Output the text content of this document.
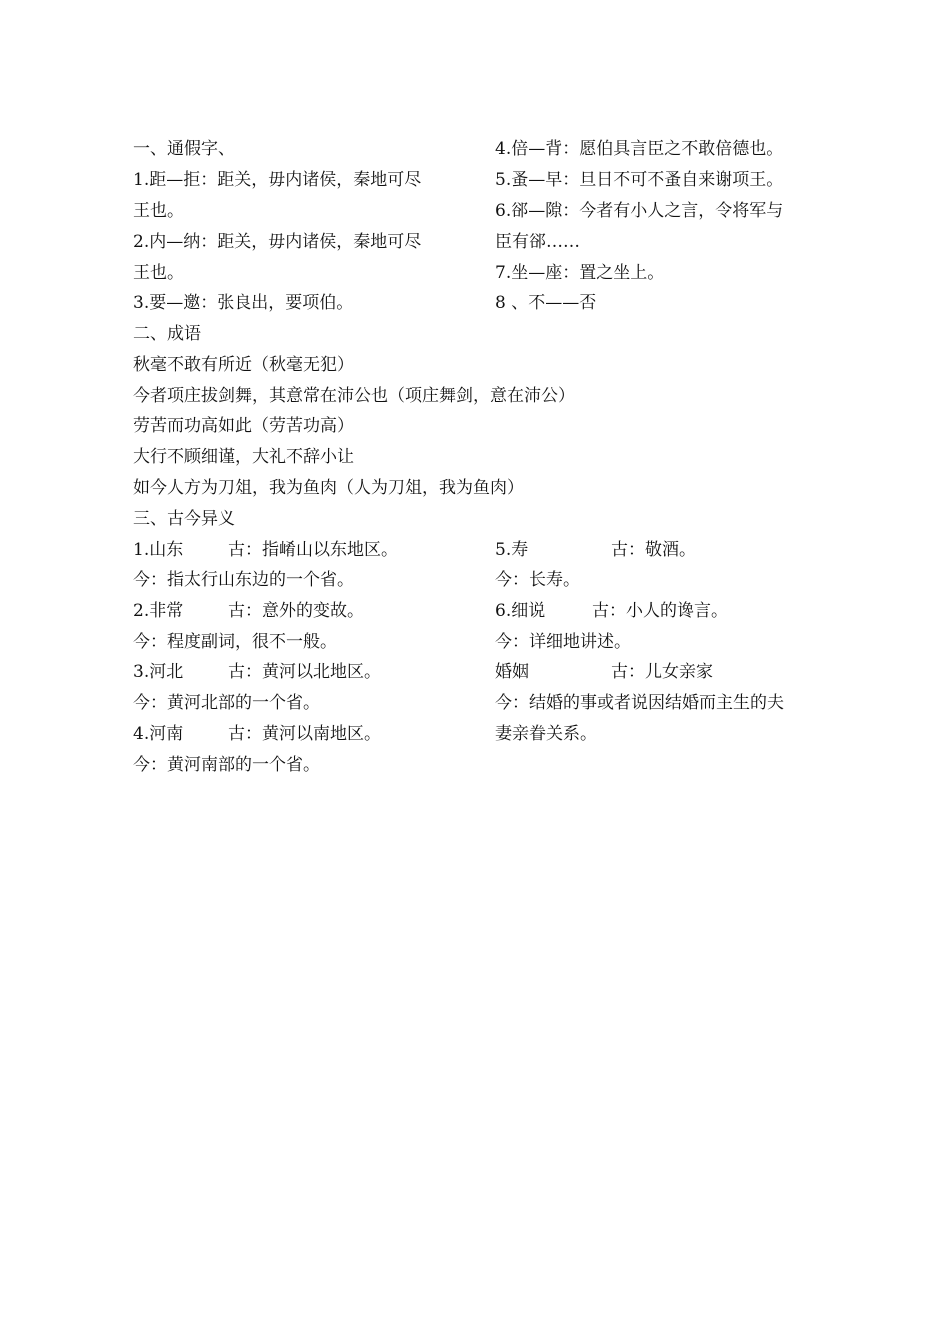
一、通假字、
1.距—拒：距关，毋内诸侯，秦地可尽
王也。
2.内—纳：距关，毋内诸侯，秦地可尽
王也。
3.要—邀：张良出，要项伯。
4.倍—背：愿伯具言臣之不敢倍德也。
5.蚤—早：旦日不可不蚤自来谢项王。
6.郤—隙：今者有小人之言，令将军与
臣有郤……
7.坐—座：置之坐上。
8 、不——否
二、成语
秋毫不敢有所近（秋毫无犯）
今者项庄拔剑舞，其意常在沛公也（项庄舞剑，意在沛公）
劳苦而功高如此（劳苦功高）
大行不顾细谨，大礼不辞小让
如今人方为刀俎，我为鱼肉（人为刀俎，我为鱼肉）
三、古今异义
1.山东	古：指崤山以东地区。
今：指太行山东边的一个省。
2.非常	古：意外的变故。
今：程度副词，很不一般。
3.河北	古：黄河以北地区。
今：黄河北部的一个省。
4.河南	古：黄河以南地区。
今：黄河南部的一个省。
5.寿	古：敬酒。
今：长寿。
6.细说	古：小人的谗言。
今：详细地讲述。
婚姻	古：儿女亲家
今：结婚的事或者说因结婚而主生的夫
妻亲眷关系。
